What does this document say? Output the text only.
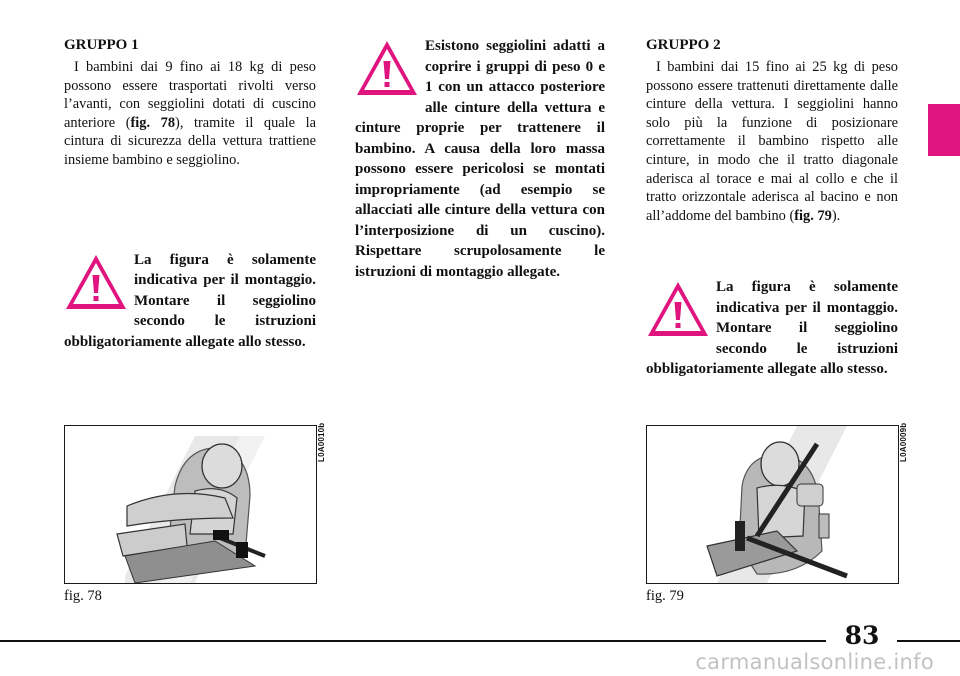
GRUPPO 1

I bambini dai 9 fino ai 18 kg di peso possono essere trasportati rivolti verso l’avanti, con seggiolini dotati di cuscino anteriore (fig. 78), tramite il quale la cintura di sicurezza della vettura trattiene insieme bambino e seggiolino.

La figura è solamente indicativa per il montaggio. Montare il seggiolino secondo le istruzioni obbligatoriamente allegate allo stesso.
Esistono seggiolini adatti a coprire i gruppi di peso 0 e 1 con un attacco posteriore alle cinture della vettura e cinture proprie per trattenere il bambino. A causa della loro massa possono essere pericolosi se montati impropriamente (ad esempio se allacciati alle cinture della vettura con l’interposizione di un cuscino). Rispettare scrupolosamente le istruzioni di montaggio allegate.
GRUPPO 2

I bambini dai 15 fino ai 25 kg di peso possono essere trattenuti direttamente dalle cinture della vettura. I seggiolini hanno solo più la funzione di posizionare correttamente il bambino rispetto alle cinture, in modo che il tratto diagonale aderisca al torace e mai al collo e che il tratto orizzontale aderisca al bacino e non all’addome del bambino (fig. 79).

La figura è solamente indicativa per il montaggio. Montare il seggiolino secondo le istruzioni obbligatoriamente allegate allo stesso.
L0A0010b
fig. 78
L0A0009b
fig. 79
83
carmanualsonline.info
